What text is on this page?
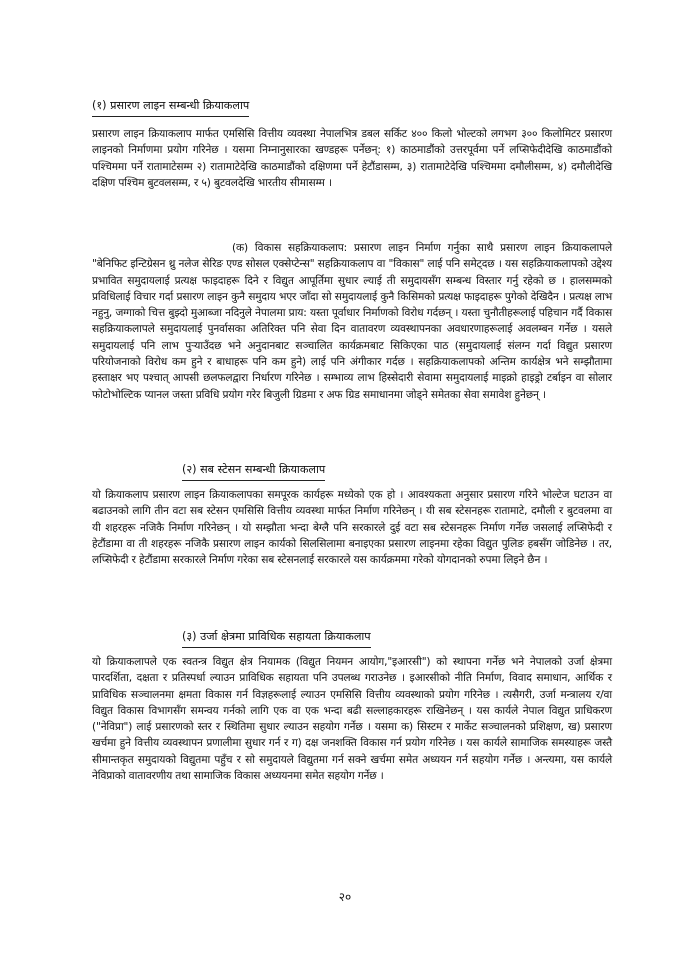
(१) प्रसारण लाइन सम्बन्धी क्रियाकलाप

प्रसारण लाइन क्रियाकलाप मार्फत एमसिसि वित्तीय व्यवस्था नेपालभित्र डबल सर्किट ४०० किलो भोल्टको लगभग ३०० किलोमिटर प्रसारण लाइनको निर्माणमा प्रयोग गरिनेछ । यसमा निम्नानुसारका खण्डहरू पर्नेछन्: १) काठमाडौंको उत्तरपूर्वमा पर्ने लप्सिफेदीदेखि काठमाडौंको पश्चिममा पर्ने रातामाटेसम्म २) रातामाटेदेखि काठमाडौंको दक्षिणमा पर्ने हेटौंडासम्म, ३) रातामाटेदेखि पश्चिममा दमौलीसम्म, ४) दमौलीदेखि दक्षिण पश्चिम बुटवलसम्म, र ५) बुटवलदेखि भारतीय सीमासम्म ।

(क) विकास सहक्रियाकलाप: प्रसारण लाइन निर्माण गर्नुका साथै प्रसारण लाइन क्रियाकलापले "बेनिफिट इन्टिग्रेसन थ्रु नलेज सेरिङ एण्ड सोसल एक्सेप्टेन्स" सहक्रियाकलाप वा "विकास" लाई पनि समेट्दछ । यस सहक्रियाकलापको उद्देश्य प्रभावित समुदायलाई प्रत्यक्ष फाइदाहरू दिने र विद्युत आपूर्तिमा सुधार ल्याई ती समुदायसँग सम्बन्ध विस्तार गर्नु रहेको छ । हालसम्मको प्रविधिलाई विचार गर्दा प्रसारण लाइन कुनै समुदाय भएर जाँदा सो समुदायलाई कुनै किसिमको प्रत्यक्ष फाइदाहरू पुगेको देखिदैन । प्रत्यक्ष लाभ नहुनु, जग्गाको चित्त बुझ्दो मुआब्जा नदिनुले नेपालमा प्राय: यस्ता पूर्वाधार निर्माणको विरोध गर्दछन् । यस्ता चुनौतीहरूलाई पहिचान गर्दै विकास सहक्रियाकलापले समुदायलाई पुनर्वासका अतिरिक्त पनि सेवा दिन वातावरण व्यवस्थापनका अवधारणाहरूलाई अवलम्बन गर्नेछ । यसले समुदायलाई पनि लाभ पुऱ्याउँदछ भने अनुदानबाट सञ्चालित कार्यक्रमबाट सिकिएका पाठ (समुदायलाई संलग्न गर्दा विद्युत प्रसारण परियोजनाको विरोध कम हुने र बाधाहरू पनि कम हुने) लाई पनि अंगीकार गर्दछ । सहक्रियाकलापको अन्तिम कार्यक्षेत्र भने सम्झौतामा हस्ताक्षर भए पश्चात् आपसी छलफलद्वारा निर्धारण गरिनेछ । सम्भाव्य लाभ हिस्सेदारी सेवामा समुदायलाई माइक्रो हाइड्रो टर्बाइन वा सोलार फोटोभोल्टिक प्यानल जस्ता प्रविधि प्रयोग गरेर बिजुली ग्रिडमा र अफ ग्रिड समाधानमा जोड्ने समेतका सेवा समावेश हुनेछन् ।

(२) सब स्टेसन सम्बन्धी क्रियाकलाप

यो क्रियाकलाप प्रसारण लाइन क्रियाकलापका समपूरक कार्यहरू मध्येको एक हो । आवश्यकता अनुसार प्रसारण गरिने भोल्टेज घटाउन वा बढाउनको लागि तीन वटा सब स्टेसन एमसिसि वित्तीय व्यवस्था मार्फत निर्माण गरिनेछन् । यी सब स्टेसनहरू रातामाटे, दमौली र बुटवलमा वा यी शहरहरू नजिकै निर्माण गरिनेछन् । यो सम्झौता भन्दा बेग्लै पनि सरकारले दुई वटा सब स्टेसनहरू निर्माण गर्नेछ जसलाई लप्सिफेदी र हेटौंडामा वा ती शहरहरू नजिकै प्रसारण लाइन कार्यको सिलसिलामा बनाइएका प्रसारण लाइनमा रहेका विद्युत पुलिङ हबसँग जोडिनेछ । तर, लप्सिफेदी र हेटौंडामा सरकारले निर्माण गरेका सब स्टेसनलाई सरकारले यस कार्यक्रममा गरेको योगदानको रुपमा लिइने छैन ।

(३) उर्जा क्षेत्रमा प्राविधिक सहायता क्रियाकलाप

यो क्रियाकलापले एक स्वतन्त्र विद्युत क्षेत्र नियामक (विद्युत नियमन आयोग,"इआरसी") को स्थापना गर्नेछ भने नेपालको उर्जा क्षेत्रमा पारदर्शिता, दक्षता र प्रतिस्पर्धा ल्याउन प्राविधिक सहायता पनि उपलब्ध गराउनेछ । इआरसीको नीति निर्माण, विवाद समाधान, आर्थिक र प्राविधिक सञ्चालनमा क्षमता विकास गर्न विज्ञहरूलाई ल्याउन एमसिसि वित्तीय व्यवस्थाको प्रयोग गरिनेछ । त्यसैगरी, उर्जा मन्त्रालय र/वा विद्युत विकास विभागसँग समन्वय गर्नको लागि एक वा एक भन्दा बढी सल्लाहकारहरू राखिनेछन् । यस कार्यले नेपाल विद्युत प्राधिकरण ("नेविप्रा") लाई प्रसारणको स्तर र स्थितिमा सुधार ल्याउन सहयोग गर्नेछ । यसमा क) सिस्टम र मार्केट सञ्चालनको प्रशिक्षण, ख) प्रसारण खर्चमा हुने वित्तीय व्यवस्थापन प्रणालीमा सुधार गर्न र ग) दक्ष जनशक्ति विकास गर्न प्रयोग गरिनेछ । यस कार्यले सामाजिक समस्याहरू जस्तै सीमान्तकृत समुदायको विद्युतमा पहुँच र सो समुदायले विद्युतमा गर्न सक्ने खर्चमा समेत अध्ययन गर्न सहयोग गर्नेछ । अन्त्यमा, यस कार्यले नेविप्राको वातावरणीय तथा सामाजिक विकास अध्ययनमा समेत सहयोग गर्नेछ ।

२०
